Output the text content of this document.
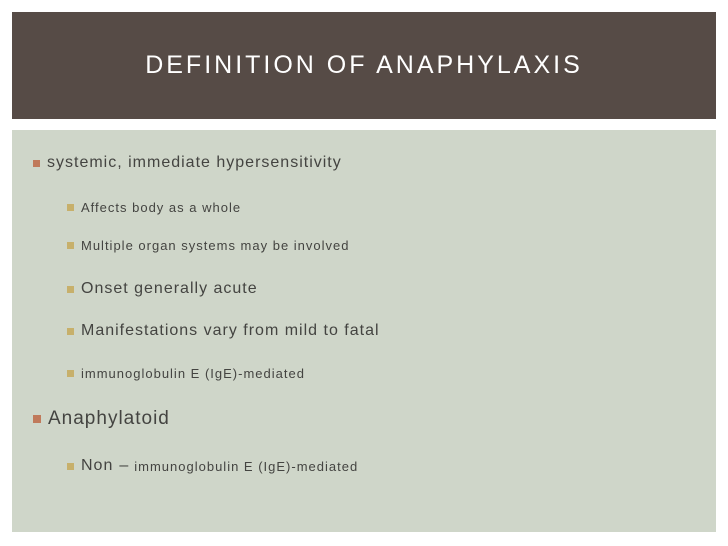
DEFINITION OF ANAPHYLAXIS
systemic, immediate hypersensitivity
Affects body as a whole
Multiple organ systems may be involved
Onset generally acute
Manifestations vary from mild to fatal
immunoglobulin E (IgE)-mediated
Anaphylatoid
Non – immunoglobulin E (IgE)-mediated
